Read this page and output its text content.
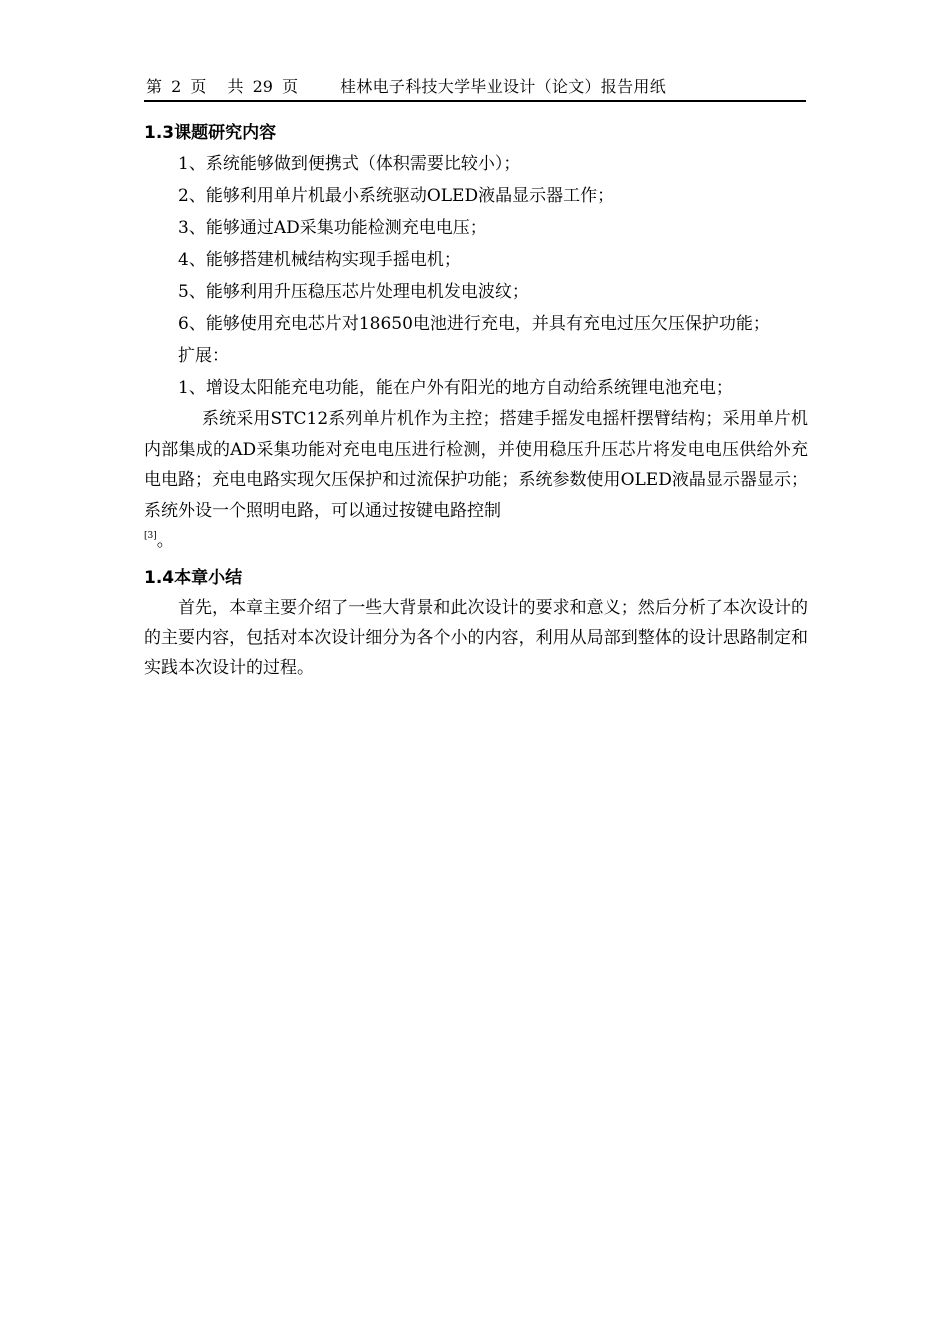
第 2 页 共 29 页	桂林电子科技大学毕业设计（论文）报告用纸
1.3课题研究内容

1、系统能够做到便携式（体积需要比较小）；

2、能够利用单片机最小系统驱动OLED液晶显示器工作；

3、能够通过AD采集功能检测充电电压；

4、能够搭建机械结构实现手摇电机；

5、能够利用升压稳压芯片处理电机发电波纹；

6、能够使用充电芯片对18650电池进行充电，并具有充电过压欠压保护功能；

扩展：

1、增设太阳能充电功能，能在户外有阳光的地方自动给系统锂电池充电；

系统采用STC12系列单片机作为主控；搭建手摇发电摇杆摆臂结构；采用单片机内部集成的AD采集功能对充电电压进行检测，并使用稳压升压芯片将发电电压供给外充电电路；充电电路实现欠压保护和过流保护功能；系统参数使用OLED液晶显示器显示；系统外设一个照明电路，可以通过按键电路控制
[3]。

1.4本章小结

首先，本章主要介绍了一些大背景和此次设计的要求和意义；然后分析了本次设计的的主要内容，包括对本次设计细分为各个小的内容，利用从局部到整体的设计思路制定和实践本次设计的过程。
